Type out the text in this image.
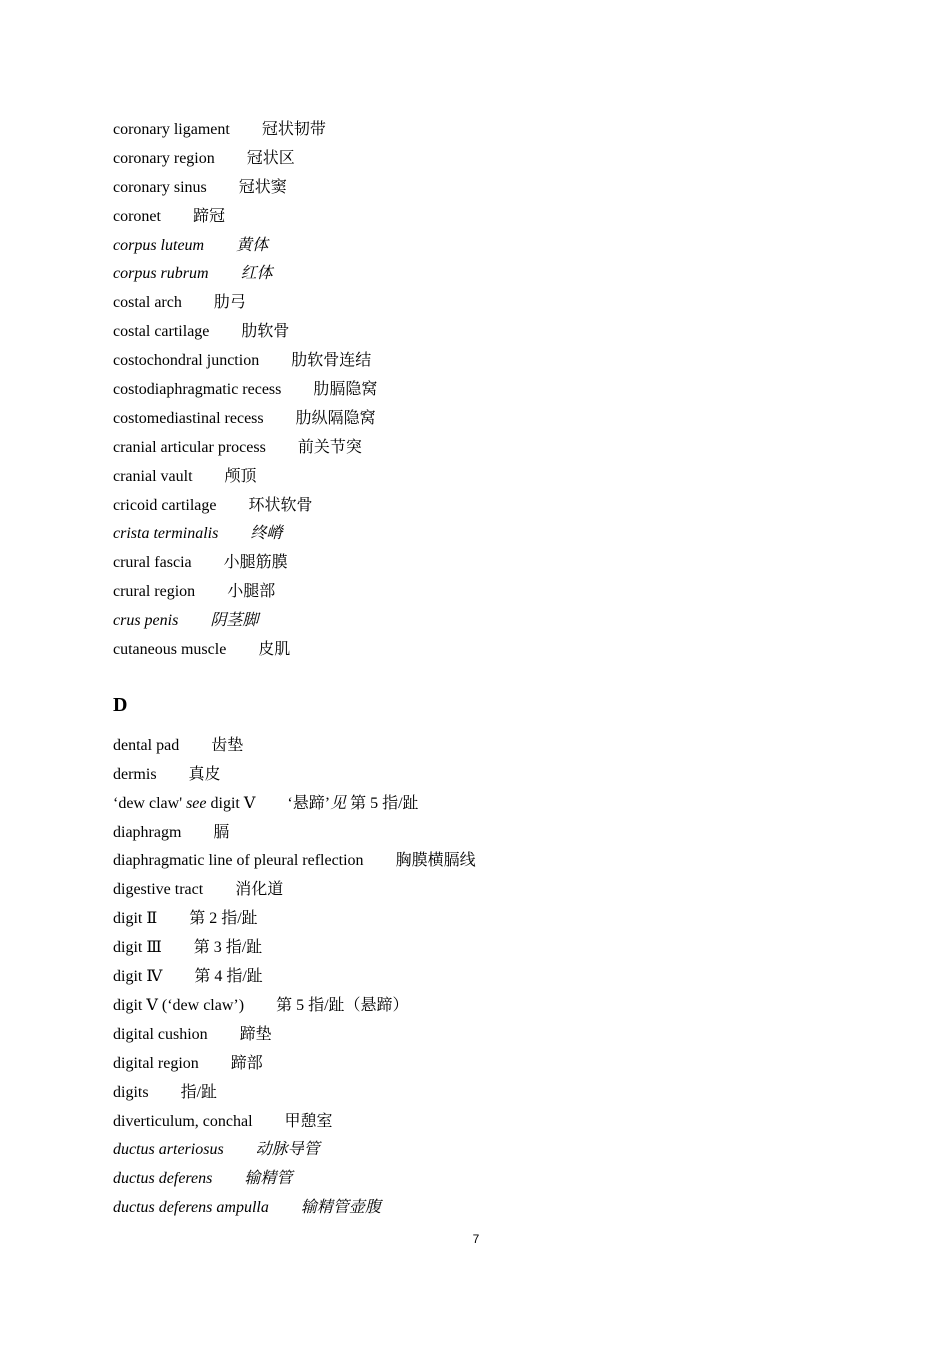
coronary ligament 冠状韧带
coronary region 冠状区
coronary sinus 冠状窦
coronet 蹄冠
corpus luteum 黄体
corpus rubrum 红体
costal arch 肋弓
costal cartilage 肋软骨
costochondral junction 肋软骨连结
costodiaphragmatic recess 肋膈隐窝
costomediastinal recess 肋纵隔隐窝
cranial articular process 前关节突
cranial vault 颅顶
cricoid cartilage 环状软骨
crista terminalis 终嵴
crural fascia 小腿筋膜
crural region 小腿部
crus penis 阴茎脚
cutaneous muscle 皮肌
D
dental pad 齿垫
dermis 真皮
‘dew claw' see digit Ⅴ ‘悬蹄’见 第 5 指/趾
diaphragm 膈
diaphragmatic line of pleural reflection 胸膜横膈线
digestive tract 消化道
digit Ⅱ 第 2 指/趾
digit Ⅲ 第 3 指/趾
digit Ⅳ 第 4 指/趾
digit Ⅴ (‘dew claw’) 第 5 指/趾（悬蹄）
digital cushion 蹄垫
digital region 蹄部
digits 指/趾
diverticulum, conchal 甲憩室
ductus arteriosus 动脉导管
ductus deferens 输精管
ductus deferens ampulla 输精管壶腹
7
